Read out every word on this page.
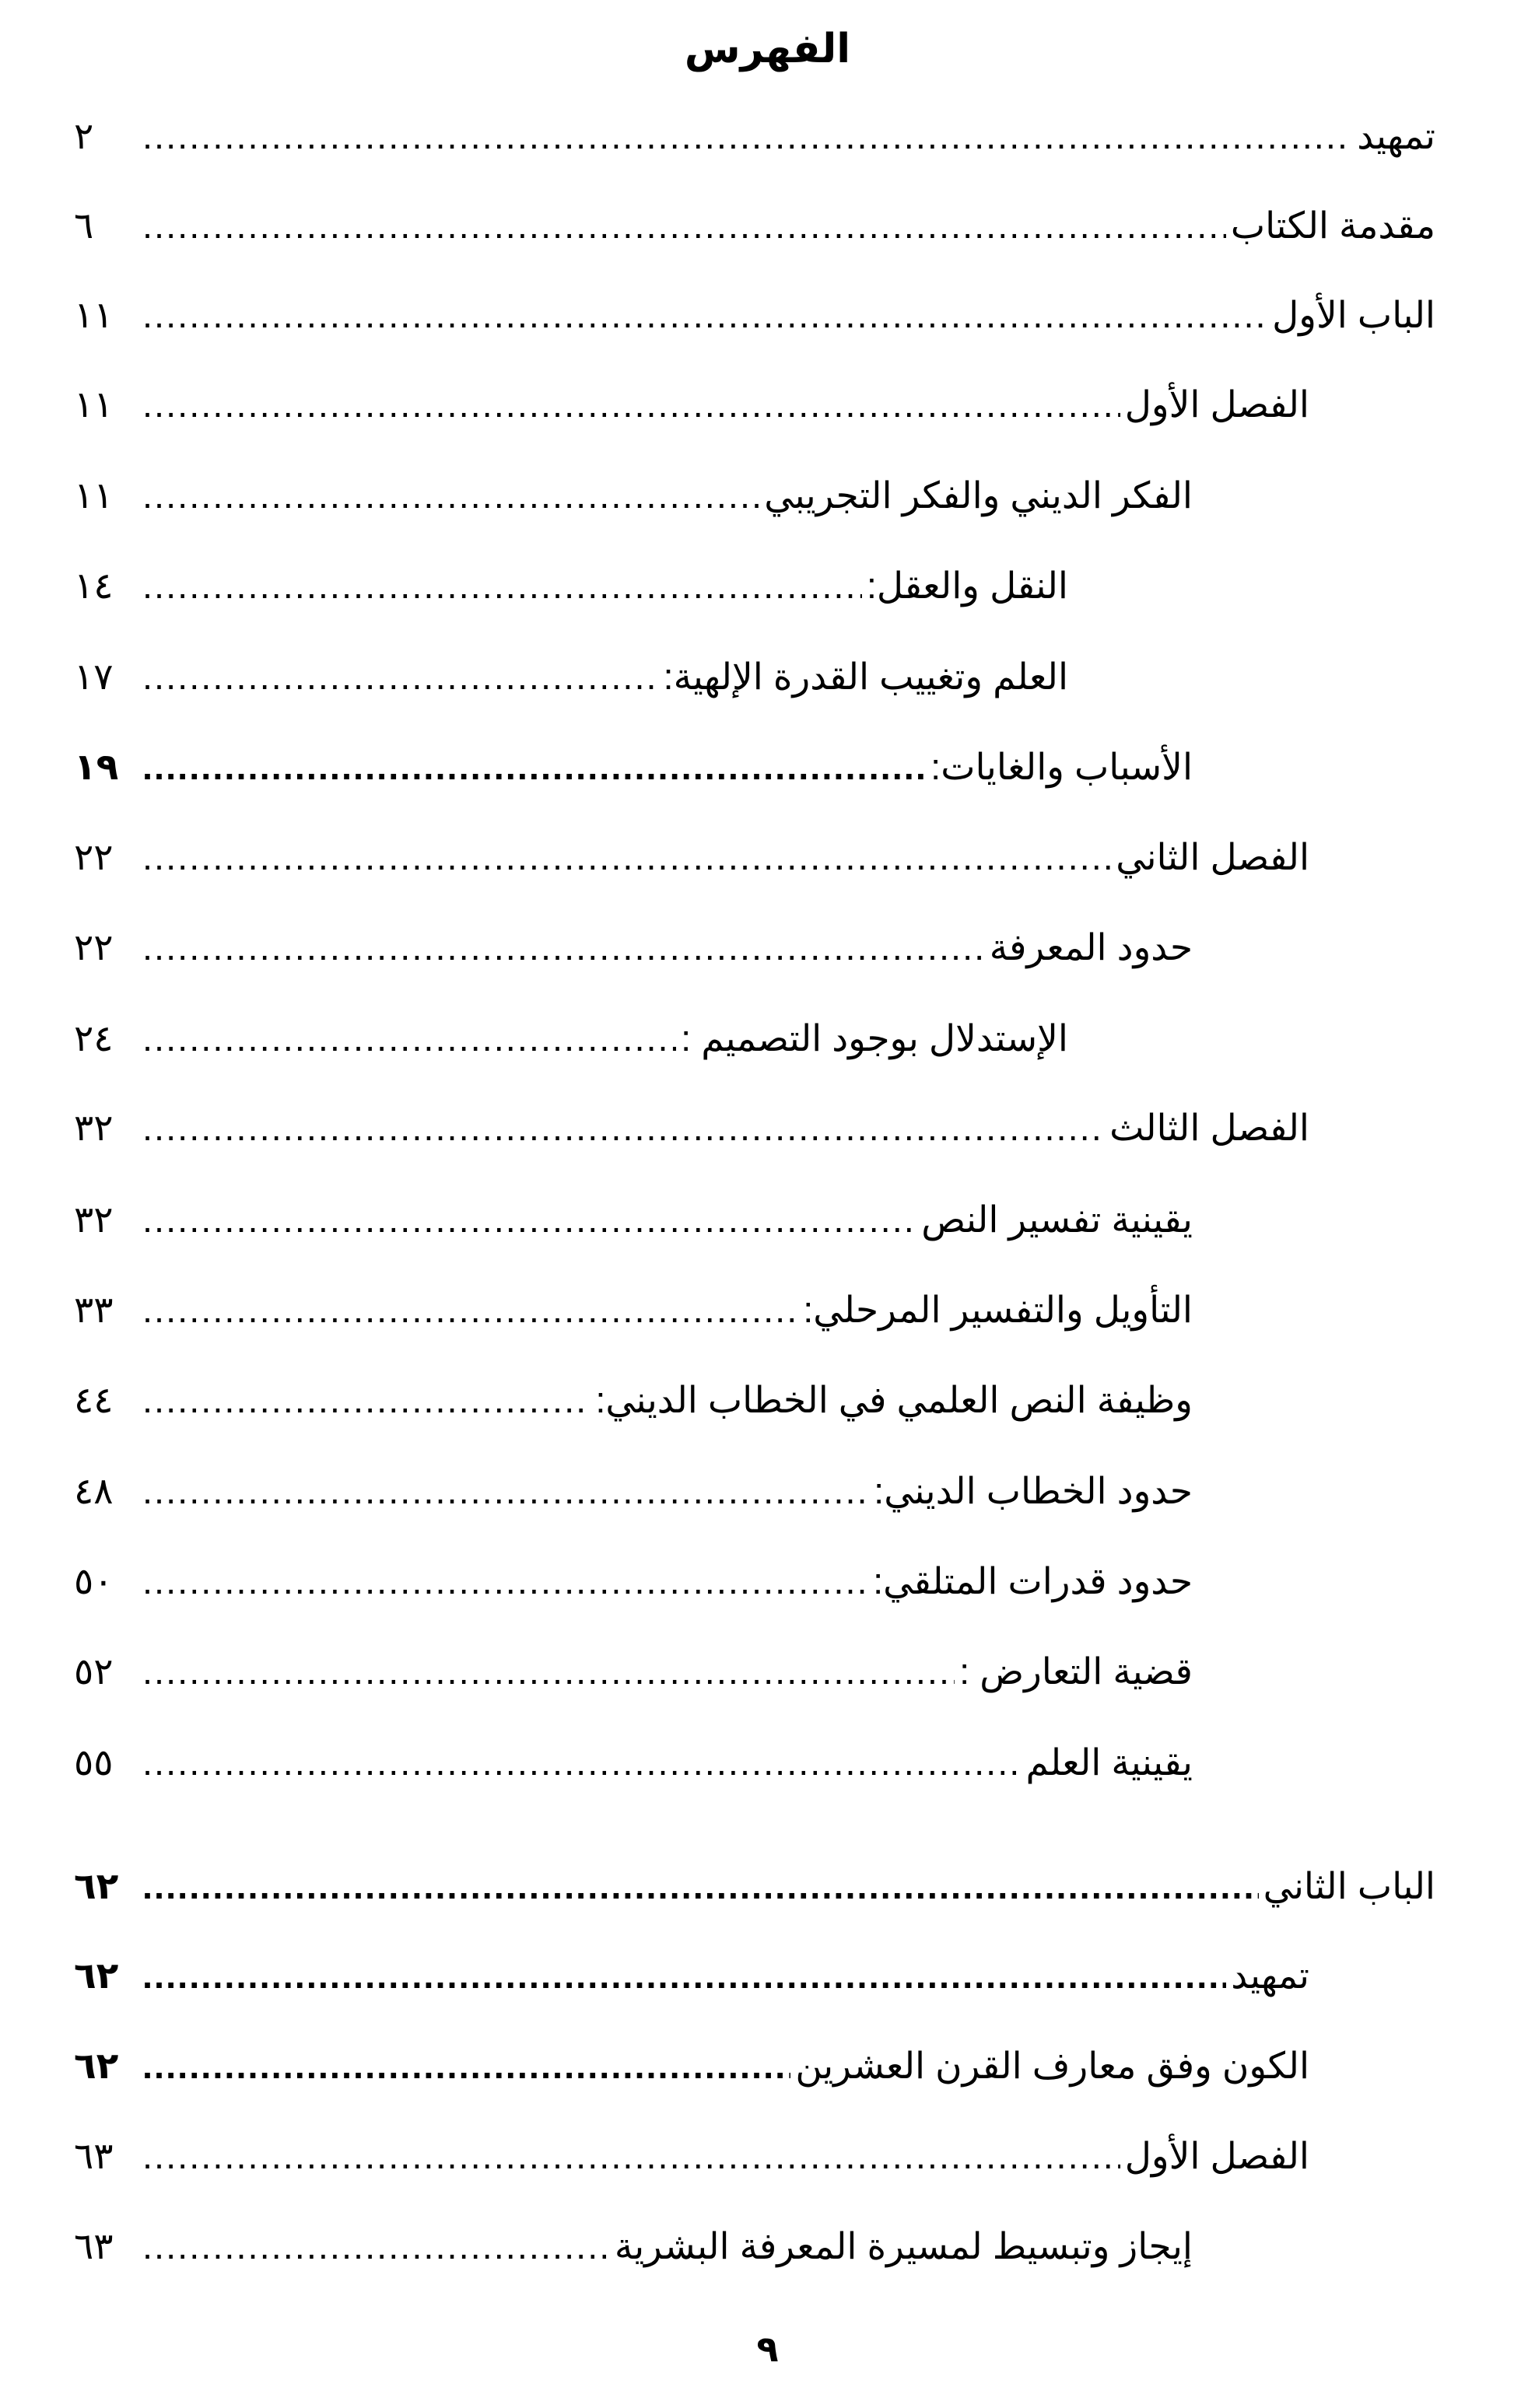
الفهرس
تمهيد
.....
٢
مقدمة الكتاب
.....
٦
الباب الأول
.....
١١
الفصل الأول
.....
١١
الفكر الديني والفكر التجريبي
.....
١١
النقل والعقل:
.....
١٤
العلم وتغييب القدرة الإلهية:
.....
١٧
الأسباب والغايات:
.....
١٩
الفصل الثاني
.....
٢٢
حدود المعرفة
.....
٢٢
الإستدلال بوجود التصميم :
.....
٢٤
الفصل الثالث
.....
٣٢
يقينية تفسير النص
.....
٣٢
التأويل والتفسير المرحلي:
.....
٣٣
وظيفة النص العلمي في الخطاب الديني:
.....
٤٤
حدود الخطاب الديني:
.....
٤٨
حدود قدرات المتلقي:
.....
٥٠
قضية التعارض :
.....
٥٢
يقينية العلم
.....
٥٥
الباب الثاني
.....
٦٢
تمهيد
.....
٦٢
الكون وفق معارف القرن العشرين
.....
٦٢
الفصل الأول
.....
٦٣
إيجاز وتبسيط لمسيرة المعرفة البشرية
.....
٦٣
٩
